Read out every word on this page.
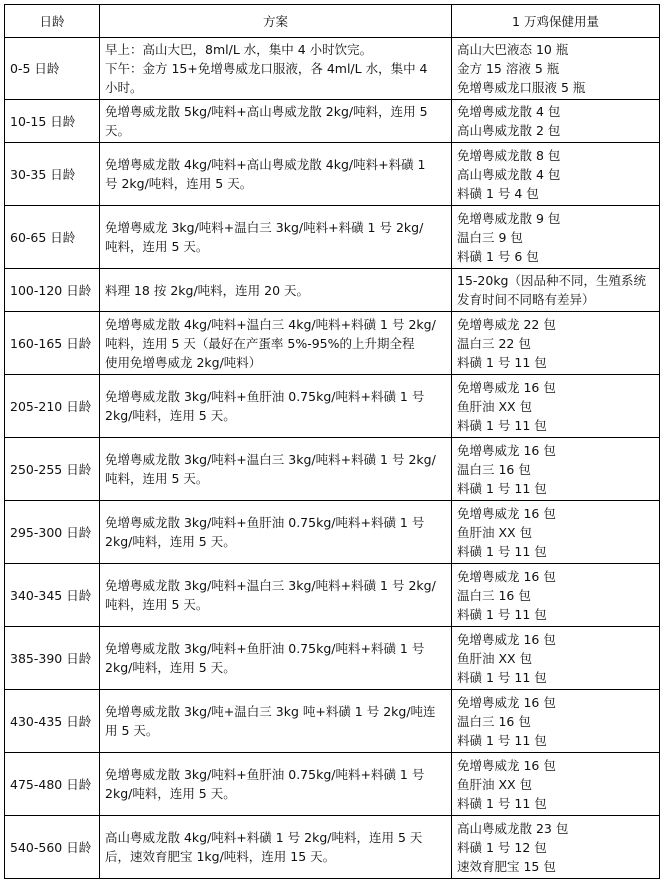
日龄	方案	1 万鸡保健用量
0-5 日龄	早上：高山大巴，8ml/L 水，集中 4 小时饮完。
下午：金方 15+免增粤威龙口服液，各 4ml/L 水，集中 4
小时。	高山大巴液态 10 瓶
金方 15 溶液 5 瓶
免增粤威龙口服液 5 瓶

10-15 日龄	免增粤威龙散 5kg/吨料+高山粤威龙散 2kg/吨料，连用 5
天。	免增粤威龙散 4 包
高山粤威龙散 2 包

30-35 日龄	免增粤威龙散 4kg/吨料+高山粤威龙散 4kg/吨料+料磺 1
号 2kg/吨料，连用 5 天。	免增粤威龙散 8 包
高山粤威龙散 4 包
料磺 1 号 4 包

60-65 日龄	免增粤威龙 3kg/吨料+温白三 3kg/吨料+料磺 1 号 2kg/
吨料，连用 5 天。	免增粤威龙散 9 包
温白三 9 包
料磺 1 号 6 包

100-120 日龄	料理 18 按 2kg/吨料，连用 20 天。	15-20kg（因品种不同，生殖系统
发育时间不同略有差异）

160-165 日龄	免增粤威龙散 4kg/吨料+温白三 4kg/吨料+料磺 1 号 2kg/
吨料，连用 5 天（最好在产蛋率 5%-95%的上升期全程
使用免增粤威龙 2kg/吨料）	免增粤威龙 22 包
温白三 22 包
料磺 1 号 11 包

205-210 日龄	免增粤威龙散 3kg/吨料+鱼肝油 0.75kg/吨料+料磺 1 号
2kg/吨料，连用 5 天。	免增粤威龙 16 包
鱼肝油 XX 包
料磺 1 号 11 包

250-255 日龄	免增粤威龙散 3kg/吨料+温白三 3kg/吨料+料磺 1 号 2kg/
吨料，连用 5 天。	免增粤威龙 16 包
温白三 16 包
料磺 1 号 11 包

295-300 日龄	免增粤威龙散 3kg/吨料+鱼肝油 0.75kg/吨料+料磺 1 号
2kg/吨料，连用 5 天。	免增粤威龙 16 包
鱼肝油 XX 包
料磺 1 号 11 包

340-345 日龄	免增粤威龙散 3kg/吨料+温白三 3kg/吨料+料磺 1 号 2kg/
吨料，连用 5 天。	免增粤威龙 16 包
温白三 16 包
料磺 1 号 11 包

385-390 日龄	免增粤威龙散 3kg/吨料+鱼肝油 0.75kg/吨料+料磺 1 号
2kg/吨料，连用 5 天。	免增粤威龙 16 包
鱼肝油 XX 包
料磺 1 号 11 包

430-435 日龄	免增粤威龙散 3kg/吨+温白三 3kg 吨+料磺 1 号 2kg/吨连
用 5 天。	免增粤威龙 16 包
温白三 16 包
料磺 1 号 11 包

475-480 日龄	免增粤威龙散 3kg/吨料+鱼肝油 0.75kg/吨料+料磺 1 号
2kg/吨料，连用 5 天。	免增粤威龙 16 包
鱼肝油 XX 包
料磺 1 号 11 包

540-560 日龄	高山粤威龙散 4kg/吨料+料磺 1 号 2kg/吨料，连用 5 天
后，速效育肥宝 1kg/吨料，连用 15 天。	高山粤威龙散 23 包
料磺 1 号 12 包
速效育肥宝 15 包
